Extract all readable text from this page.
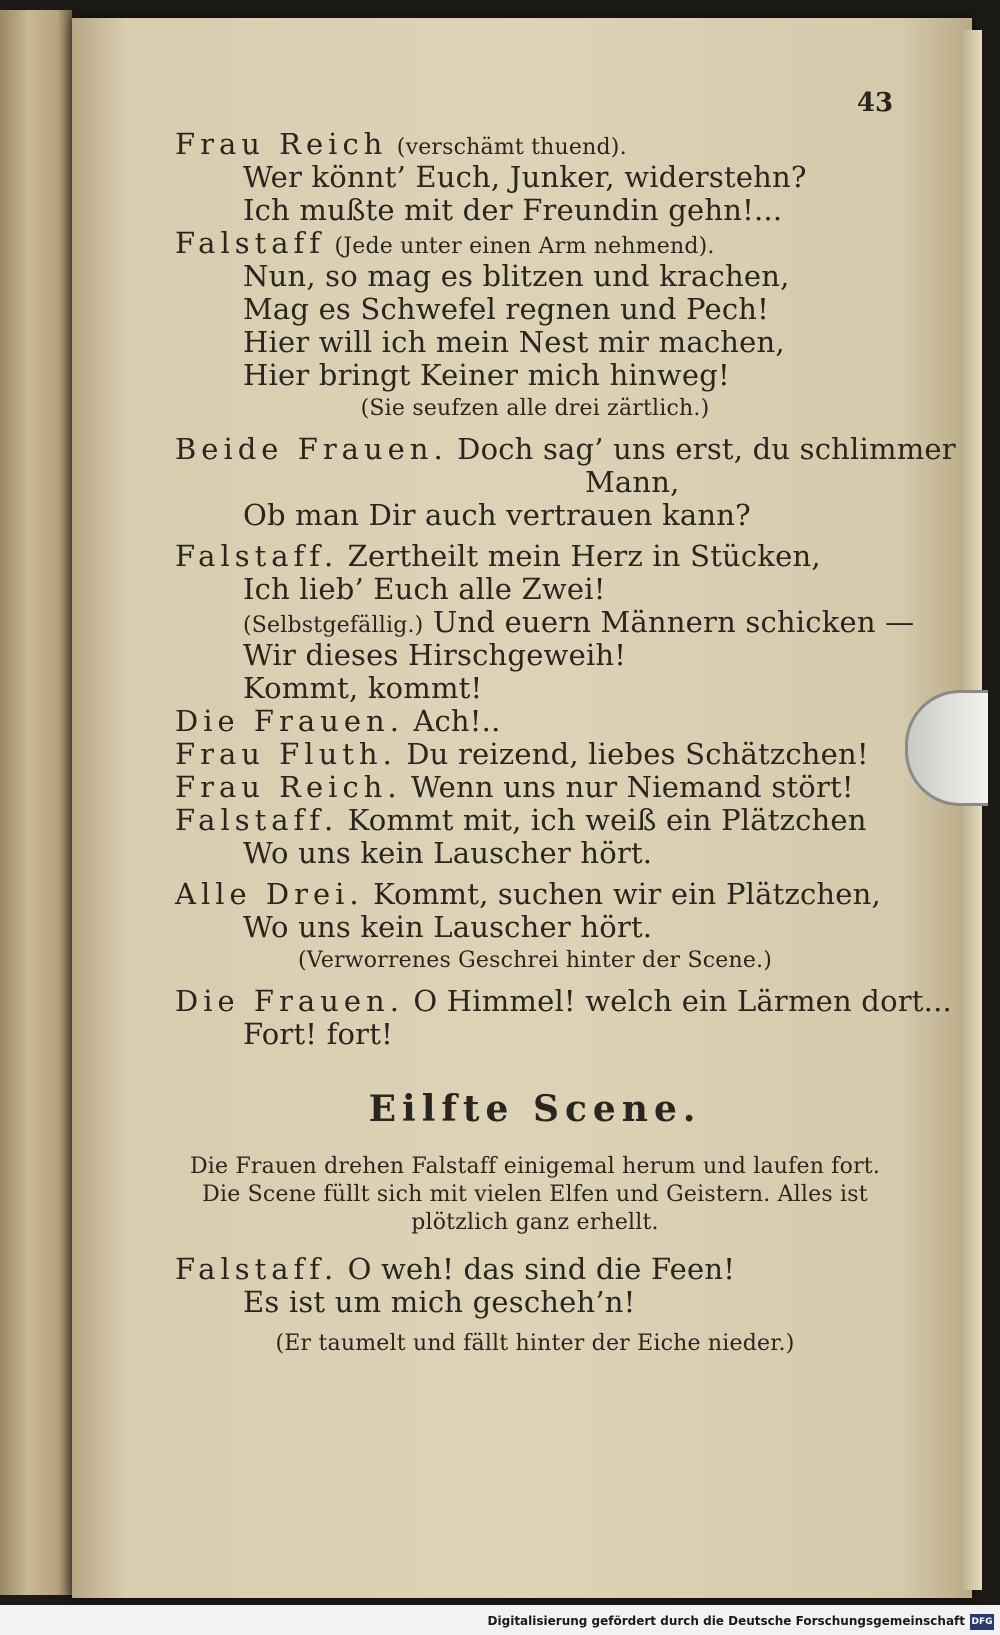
43
Frau Reich (verschämt thuend).
Wer könnt’ Euch, Junker, widerstehn?
Ich mußte mit der Freundin gehn!...
Falstaff (Jede unter einen Arm nehmend).
Nun, so mag es blitzen und krachen,
Mag es Schwefel regnen und Pech!
Hier will ich mein Nest mir machen,
Hier bringt Keiner mich hinweg!
(Sie seufzen alle drei zärtlich.)
Beide Frauen. Doch sag’ uns erst, du schlimmer
Mann,
Ob man Dir auch vertrauen kann?
Falstaff. Zertheilt mein Herz in Stücken,
Ich lieb’ Euch alle Zwei!
(Selbstgefällig.) Und euern Männern schicken —
Wir dieses Hirschgeweih!
Kommt, kommt!
Die Frauen. Ach!..
Frau Fluth. Du reizend, liebes Schätzchen!
Frau Reich. Wenn uns nur Niemand stört!
Falstaff. Kommt mit, ich weiß ein Plätzchen
Wo uns kein Lauscher hört.
Alle Drei. Kommt, suchen wir ein Plätzchen,
Wo uns kein Lauscher hört.
(Verworrenes Geschrei hinter der Scene.)
Die Frauen. O Himmel! welch ein Lärmen dort...
Fort! fort!
Eilfte Scene.
Die Frauen drehen Falstaff einigemal herum und laufen fort.
Die Scene füllt sich mit vielen Elfen und Geistern. Alles ist
plötzlich ganz erhellt.
Falstaff. O weh! das sind die Feen!
Es ist um mich gescheh’n!
(Er taumelt und fällt hinter der Eiche nieder.)
Digitalisierung gefördert durch die Deutsche Forschungsgemeinschaft DFG
